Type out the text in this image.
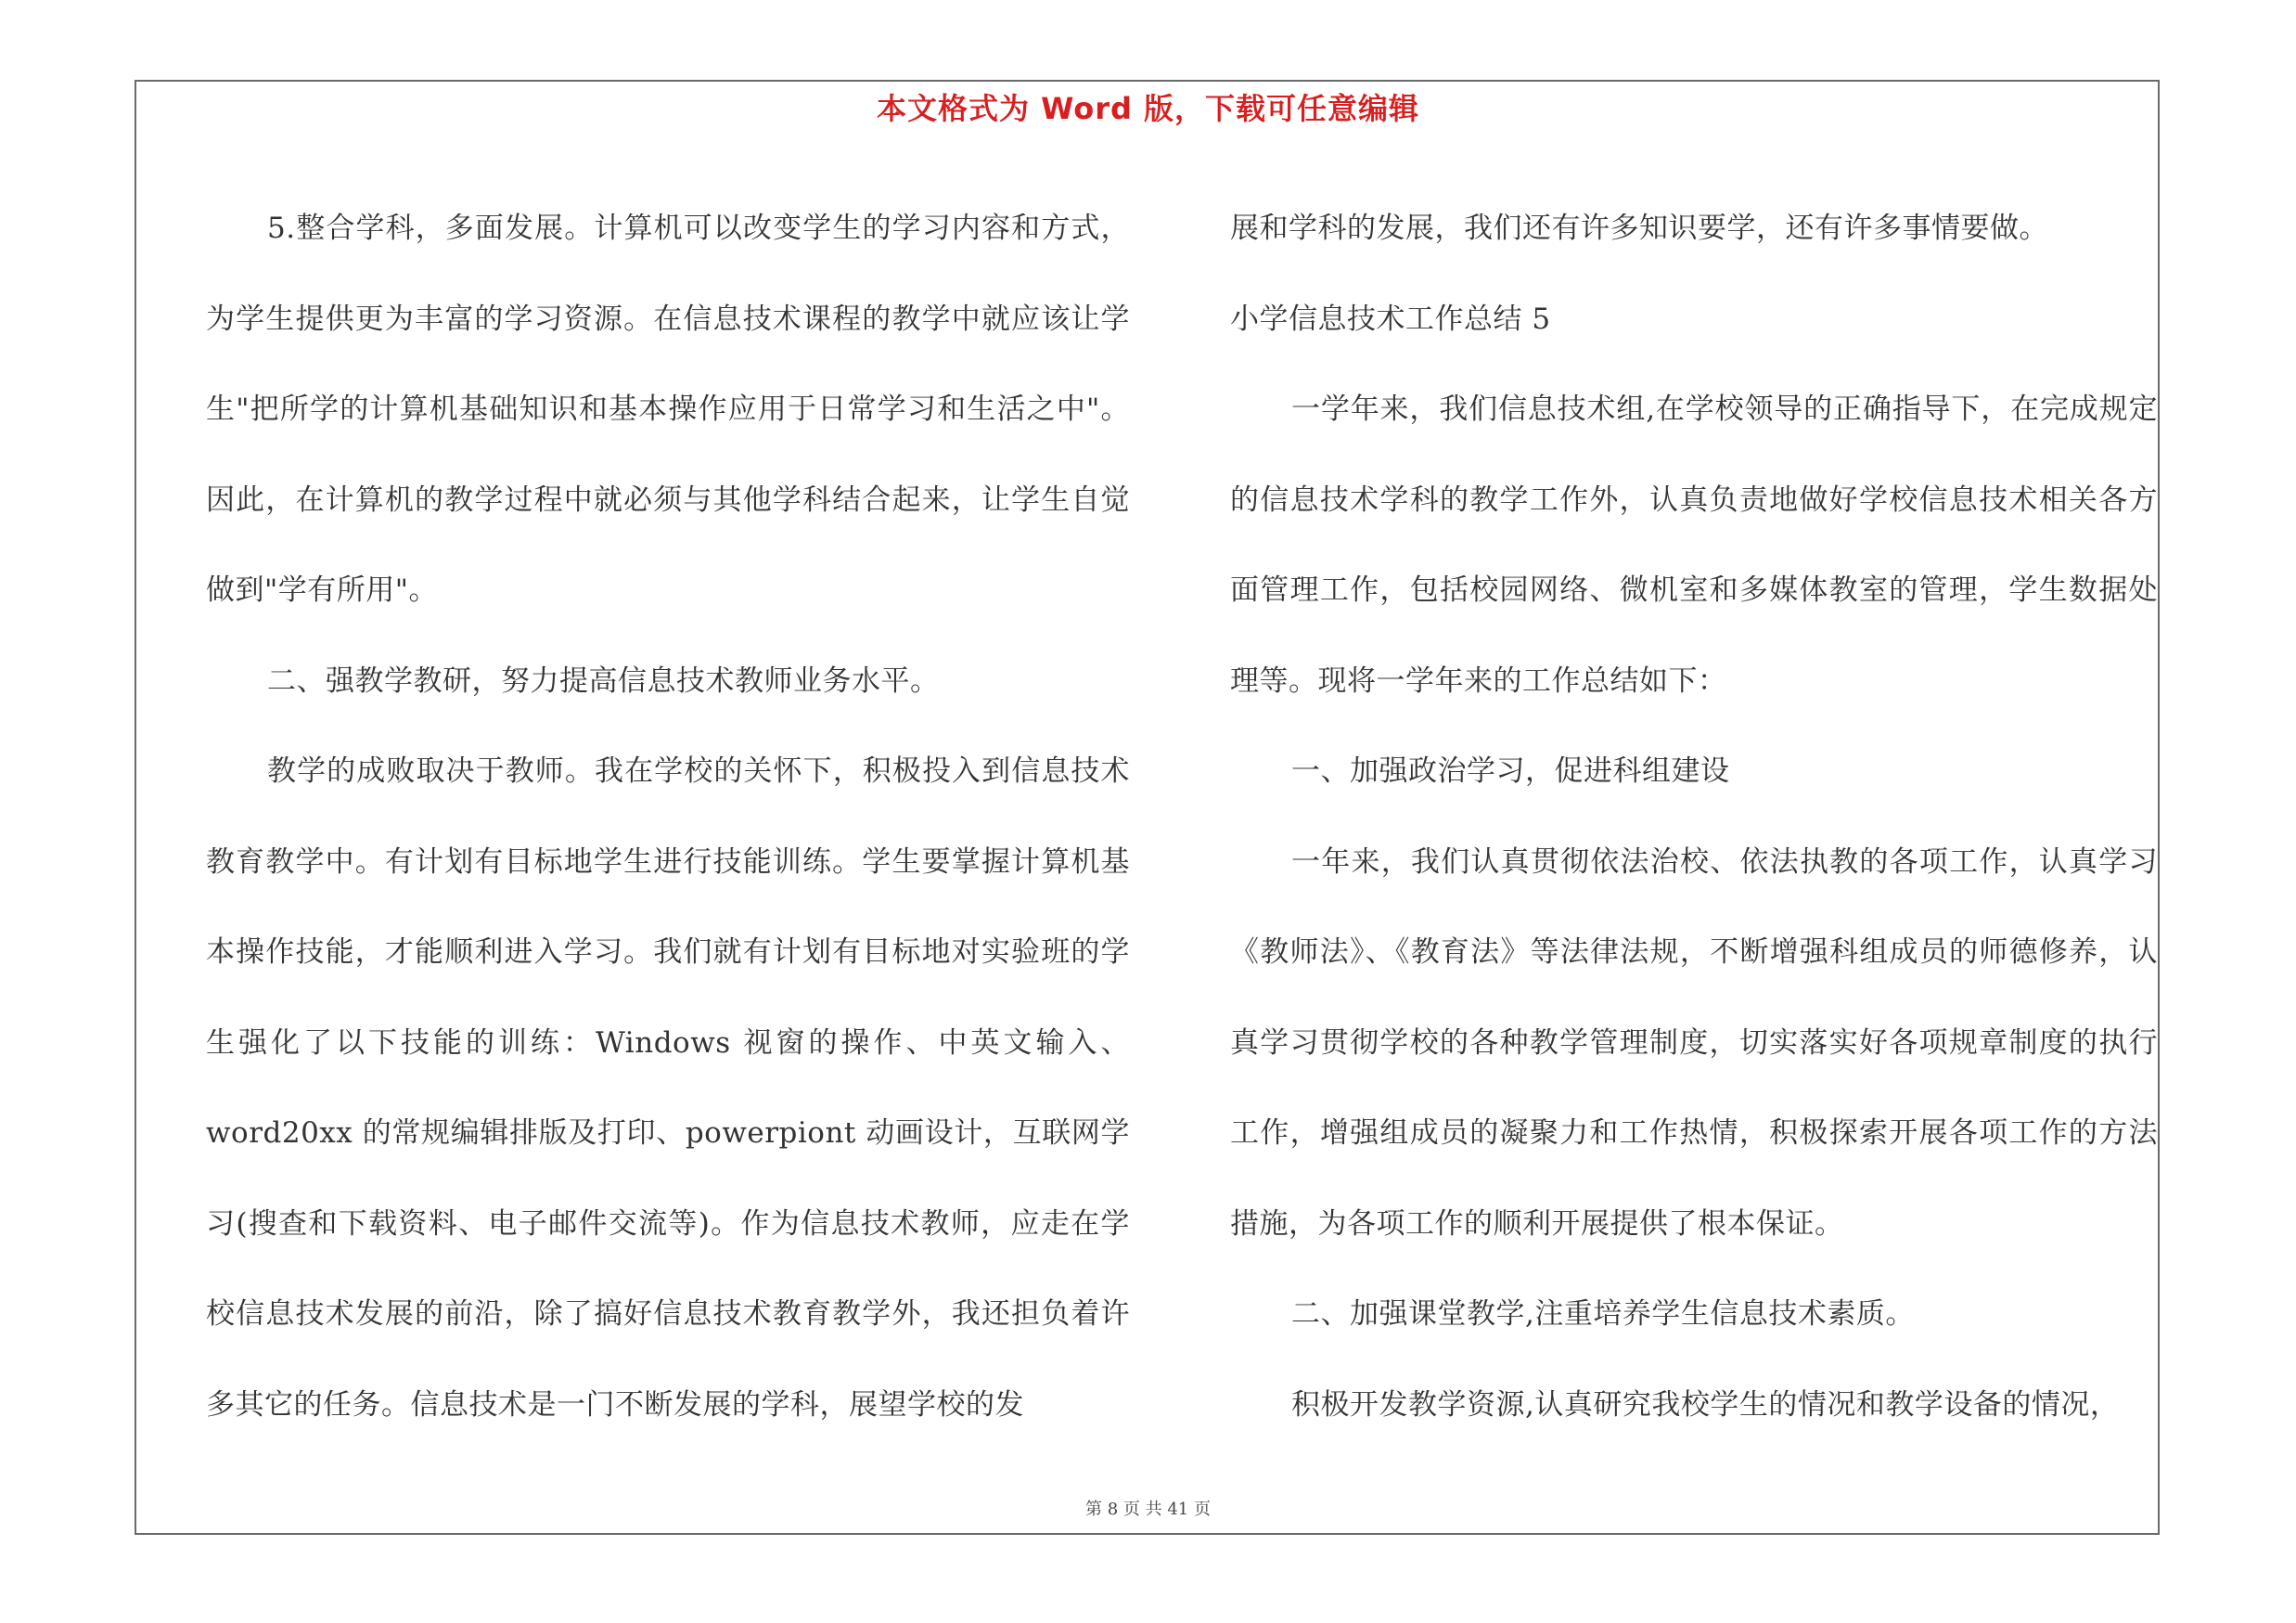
本文格式为 Word 版，下载可任意编辑

5.整合学科，多面发展。计算机可以改变学生的学习内容和方式，为学生提供更为丰富的学习资源。在信息技术课程的教学中就应该让学生"把所学的计算机基础知识和基本操作应用于日常学习和生活之中"。因此，在计算机的教学过程中就必须与其他学科结合起来，让学生自觉做到"学有所用"。

二、强教学教研，努力提高信息技术教师业务水平。

教学的成败取决于教师。我在学校的关怀下，积极投入到信息技术教育教学中。有计划有目标地学生进行技能训练。学生要掌握计算机基本操作技能，才能顺利进入学习。我们就有计划有目标地对实验班的学生强化了以下技能的训练：Windows 视窗的操作、中英文输入、word20xx 的常规编辑排版及打印、powerpiont 动画设计，互联网学习(搜查和下载资料、电子邮件交流等)。作为信息技术教师，应走在学校信息技术发展的前沿，除了搞好信息技术教育教学外，我还担负着许多其它的任务。信息技术是一门不断发展的学科，展望学校的发

展和学科的发展，我们还有许多知识要学，还有许多事情要做。

小学信息技术工作总结 5

一学年来，我们信息技术组,在学校领导的正确指导下，在完成规定的信息技术学科的教学工作外，认真负责地做好学校信息技术相关各方面管理工作，包括校园网络、微机室和多媒体教室的管理，学生数据处理等。现将一学年来的工作总结如下：

一、加强政治学习，促进科组建设

一年来，我们认真贯彻依法治校、依法执教的各项工作，认真学习《教师法》、《教育法》等法律法规，不断增强科组成员的师德修养，认真学习贯彻学校的各种教学管理制度，切实落实好各项规章制度的执行工作，增强组成员的凝聚力和工作热情，积极探索开展各项工作的方法措施，为各项工作的顺利开展提供了根本保证。

二、加强课堂教学,注重培养学生信息技术素质。

积极开发教学资源,认真研究我校学生的情况和教学设备的情况，

第 8 页 共 41 页
